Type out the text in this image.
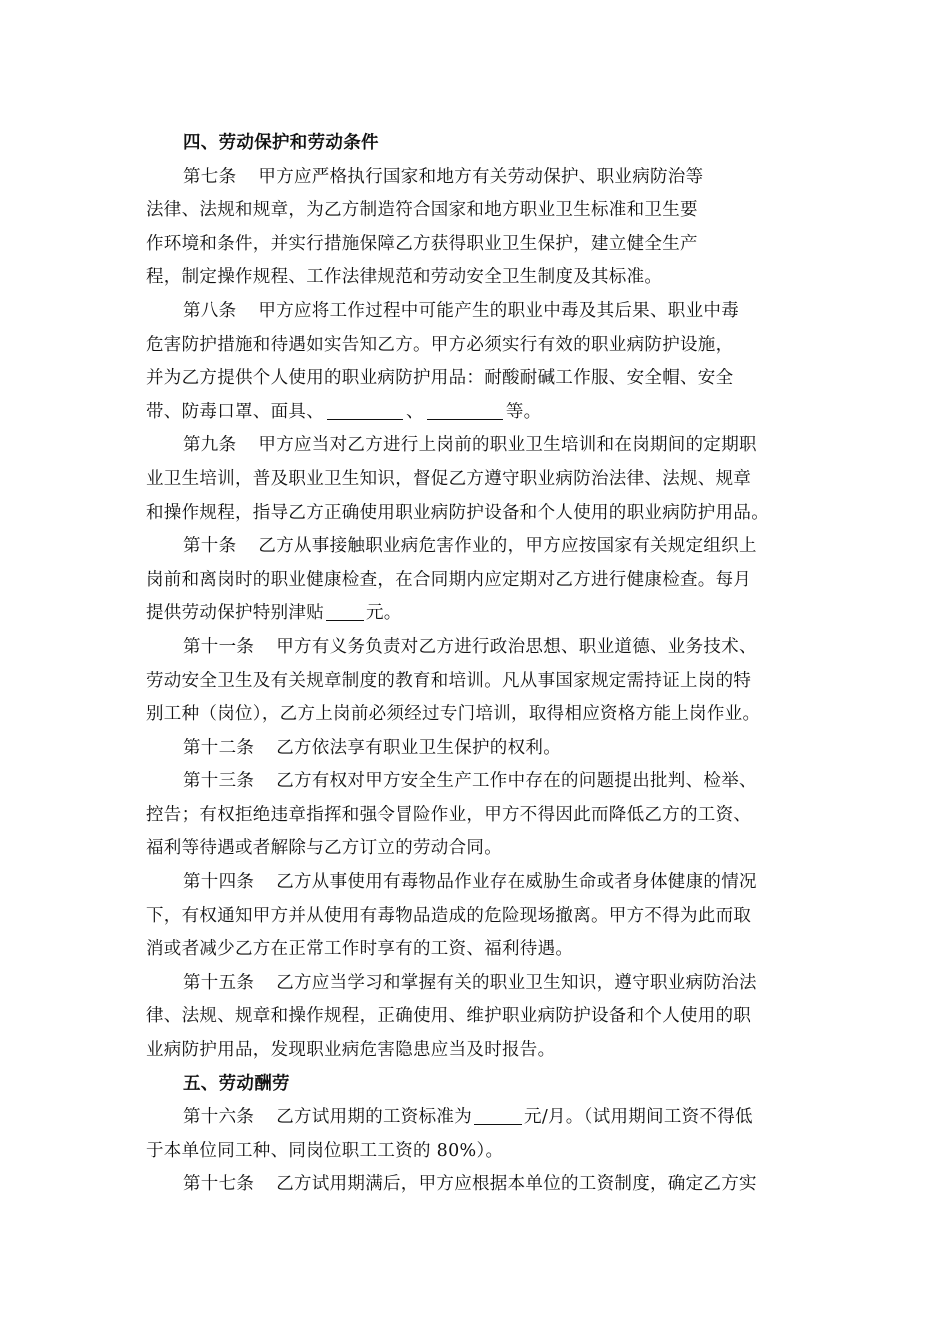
四、劳动保护和劳动条件
第七条 甲方应严格执行国家和地方有关劳动保护、职业病防治等
法律、法规和规章，为乙方制造符合国家和地方职业卫生标准和卫生要
作环境和条件，并实行措施保障乙方获得职业卫生保护，建立健全生产
程，制定操作规程、工作法律规范和劳动安全卫生制度及其标准。
第八条 甲方应将工作过程中可能产生的职业中毒及其后果、职业中毒
危害防护措施和待遇如实告知乙方。甲方必须实行有效的职业病防护设施，
并为乙方提供个人使用的职业病防护用品：耐酸耐碱工作服、安全帽、安全
带、防毒口罩、面具、	、	等。
第九条 甲方应当对乙方进行上岗前的职业卫生培训和在岗期间的定期职
业卫生培训，普及职业卫生知识，督促乙方遵守职业病防治法律、法规、规章
和操作规程，指导乙方正确使用职业病防护设备和个人使用的职业病防护用品。
第十条 乙方从事接触职业病危害作业的，甲方应按国家有关规定组织上
岗前和离岗时的职业健康检查，在合同期内应定期对乙方进行健康检查。每月
提供劳动保护特别津贴 元。
第十一条 甲方有义务负责对乙方进行政治思想、职业道德、业务技术、
劳动安全卫生及有关规章制度的教育和培训。凡从事国家规定需持证上岗的特
别工种（岗位），乙方上岗前必须经过专门培训，取得相应资格方能上岗作业。
第十二条 乙方依法享有职业卫生保护的权利。
第十三条 乙方有权对甲方安全生产工作中存在的问题提出批判、检举、
控告；有权拒绝违章指挥和强令冒险作业，甲方不得因此而降低乙方的工资、
福利等待遇或者解除与乙方订立的劳动合同。
第十四条 乙方从事使用有毒物品作业存在威胁生命或者身体健康的情况
下，有权通知甲方并从使用有毒物品造成的危险现场撤离。甲方不得为此而取
消或者减少乙方在正常工作时享有的工资、福利待遇。
第十五条 乙方应当学习和掌握有关的职业卫生知识，遵守职业病防治法
律、法规、规章和操作规程，正确使用、维护职业病防护设备和个人使用的职
业病防护用品，发现职业病危害隐患应当及时报告。
五、劳动酬劳
第十六条 乙方试用期的工资标准为	元/月。（试用期间工资不得低
于本单位同工种、同岗位职工工资的 80%）。
第十七条 乙方试用期满后，甲方应根据本单位的工资制度，确定乙方实
